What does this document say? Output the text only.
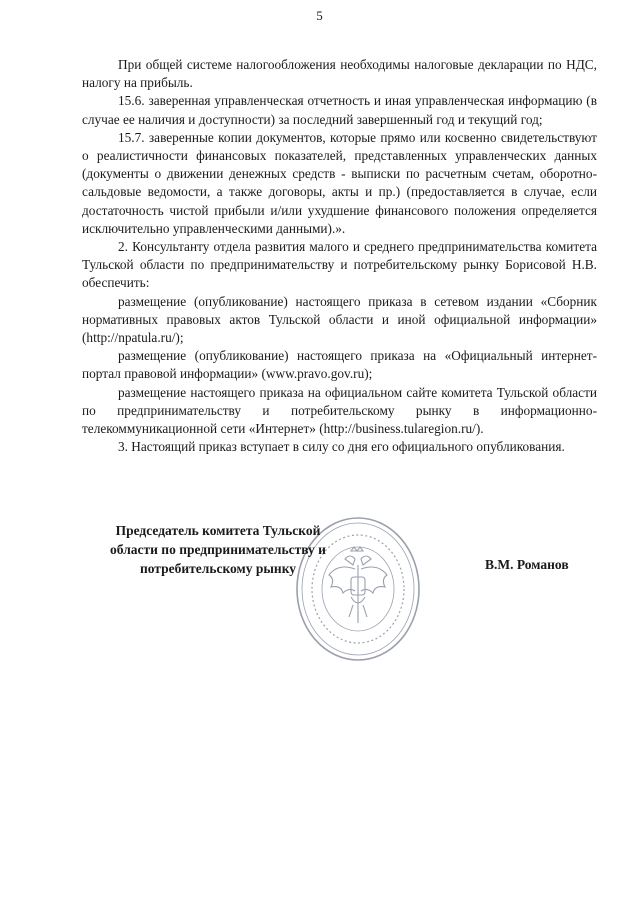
5

При общей системе налогообложения необходимы налоговые декларации по НДС, налогу на прибыль.

15.6. заверенная управленческая отчетность и иная управленческая информацию (в случае ее наличия и доступности) за последний завершенный год и текущий год;

15.7. заверенные копии документов, которые прямо или косвенно свидетельствуют о реалистичности финансовых показателей, представленных управленческих данных (документы о движении денежных средств - выписки по расчетным счетам, оборотно-сальдовые ведомости, а также договоры, акты и пр.) (предоставляется в случае, если достаточность чистой прибыли и/или ухудшение финансового положения определяется исключительно управленческими данными).».

2. Консультанту отдела развития малого и среднего предпринимательства комитета Тульской области по предпринимательству и потребительскому рынку Борисовой Н.В. обеспечить:

размещение (опубликование) настоящего приказа в сетевом издании «Сборник нормативных правовых актов Тульской области и иной официальной информации» (http://npatula.ru/);

размещение (опубликование) настоящего приказа на «Официальный интернет-портал правовой информации» (www.pravo.gov.ru);

размещение настоящего приказа на официальном сайте комитета Тульской области по предпринимательству и потребительскому рынку в информационно-телекоммуникационной сети «Интернет» (http://business.tularegion.ru/).

3. Настоящий приказ вступает в силу со дня его официального опубликования.

Председатель комитета Тульской
области по предпринимательству и
потребительскому рынку	В.М. Романов
